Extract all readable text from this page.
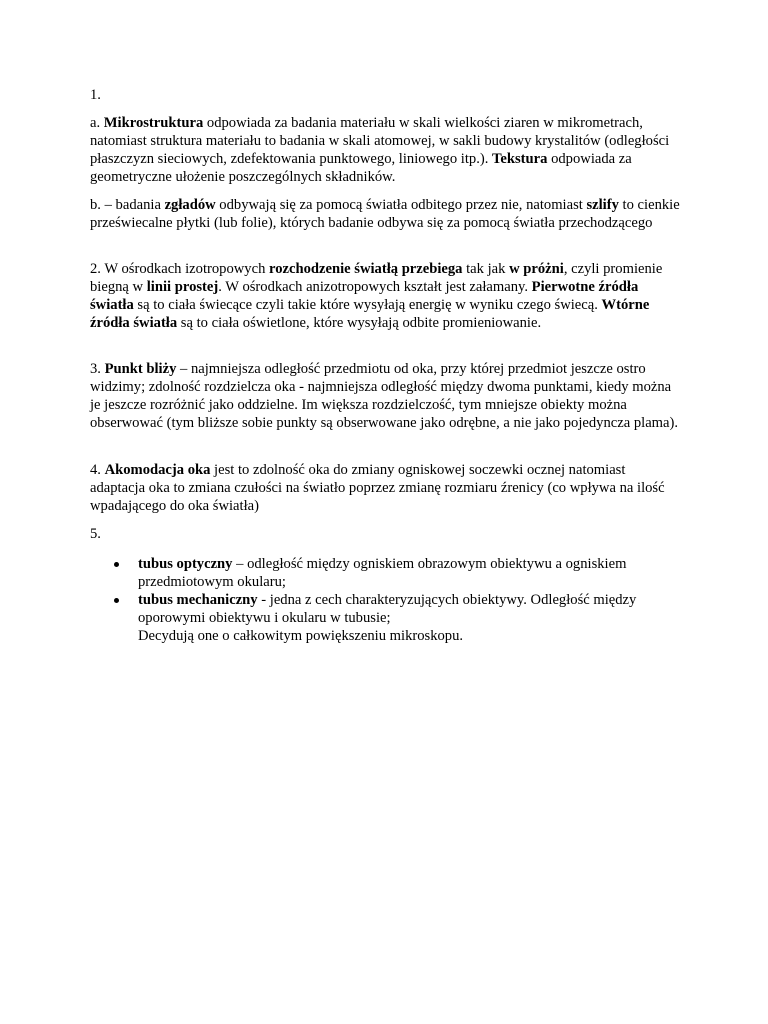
1.

a. Mikrostruktura odpowiada za badania materiału w skali wielkości ziaren w mikrometrach, natomiast struktura materiału to badania w skali atomowej, w sakli budowy krystalitów (odległości płaszczyzn sieciowych, zdefektowania punktowego, liniowego itp.). Tekstura odpowiada za geometryczne ułożenie poszczególnych składników.

b. – badania zgładów odbywają się za pomocą światła odbitego przez nie, natomiast szlify to cienkie przeświecalne płytki (lub folie), których badanie odbywa się za pomocą światła przechodzącego

2. W ośrodkach izotropowych rozchodzenie światłą przebiega tak jak w próżni, czyli promienie biegną w linii prostej. W ośrodkach anizotropowych kształt jest załamany. Pierwotne źródła światła są to ciała świecące czyli takie które wysyłają energię w wyniku czego świecą. Wtórne źródła światła są to ciała oświetlone, które wysyłają odbite promieniowanie.

3. Punkt bliży – najmniejsza odległość przedmiotu od oka, przy której przedmiot jeszcze ostro widzimy; zdolność rozdzielcza oka - najmniejsza odległość między dwoma punktami, kiedy można je jeszcze rozróżnić jako oddzielne. Im większa rozdzielczość, tym mniejsze obiekty można obserwować (tym bliższe sobie punkty są obserwowane jako odrębne, a nie jako pojedyncza plama).

4. Akomodacja oka jest to zdolność oka do zmiany ogniskowej soczewki ocznej natomiast adaptacja oka to zmiana czułości na światło poprzez zmianę rozmiaru źrenicy (co wpływa na ilość wpadającego do oka światła)

5.

tubus optyczny – odległość między ogniskiem obrazowym obiektywu a ogniskiem przedmiotowym okularu;
tubus mechaniczny - jedna z cech charakteryzujących obiektywy. Odległość między oporowymi obiektywu i okularu w tubusie;
Decydują one o całkowitym powiększeniu mikroskopu.
